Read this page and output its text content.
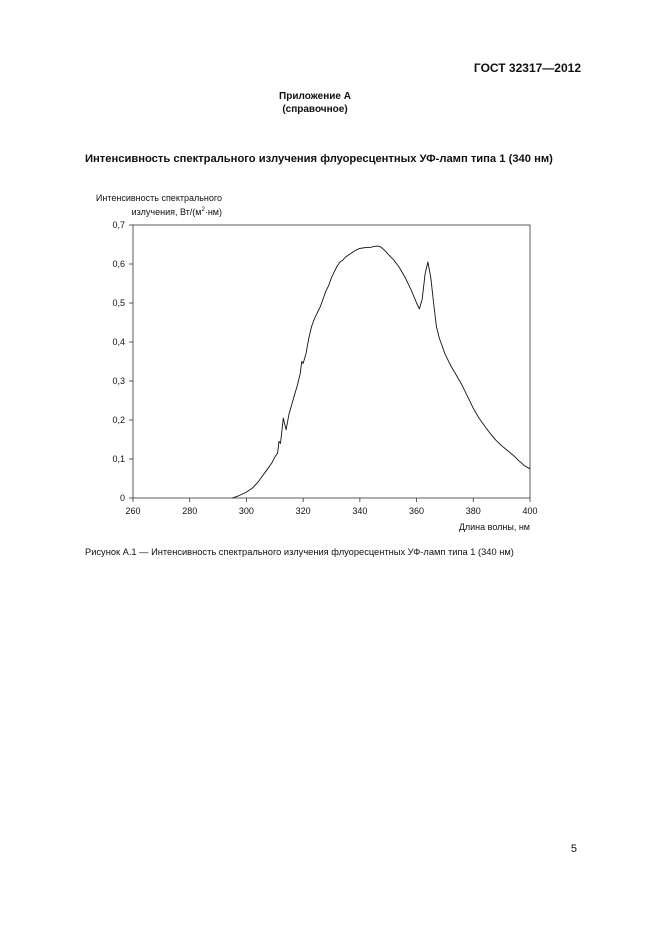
ГОСТ 32317—2012
Приложение А
(справочное)
Интенсивность спектрального излучения флуоресцентных УФ-ламп типа 1 (340 нм)
Интенсивность спектрального
излучения, $Вт/(м^2\cdot нм)$
260	280	300	320	340	360	380	400
0
0,1
0,2
0,3
0,4
0,5
0,6
0,7
Длина волны, нм
Рисунок А.1 — Интенсивность спектрального излучения флуоресцентных УФ-ламп типа 1 (340 нм)
5
